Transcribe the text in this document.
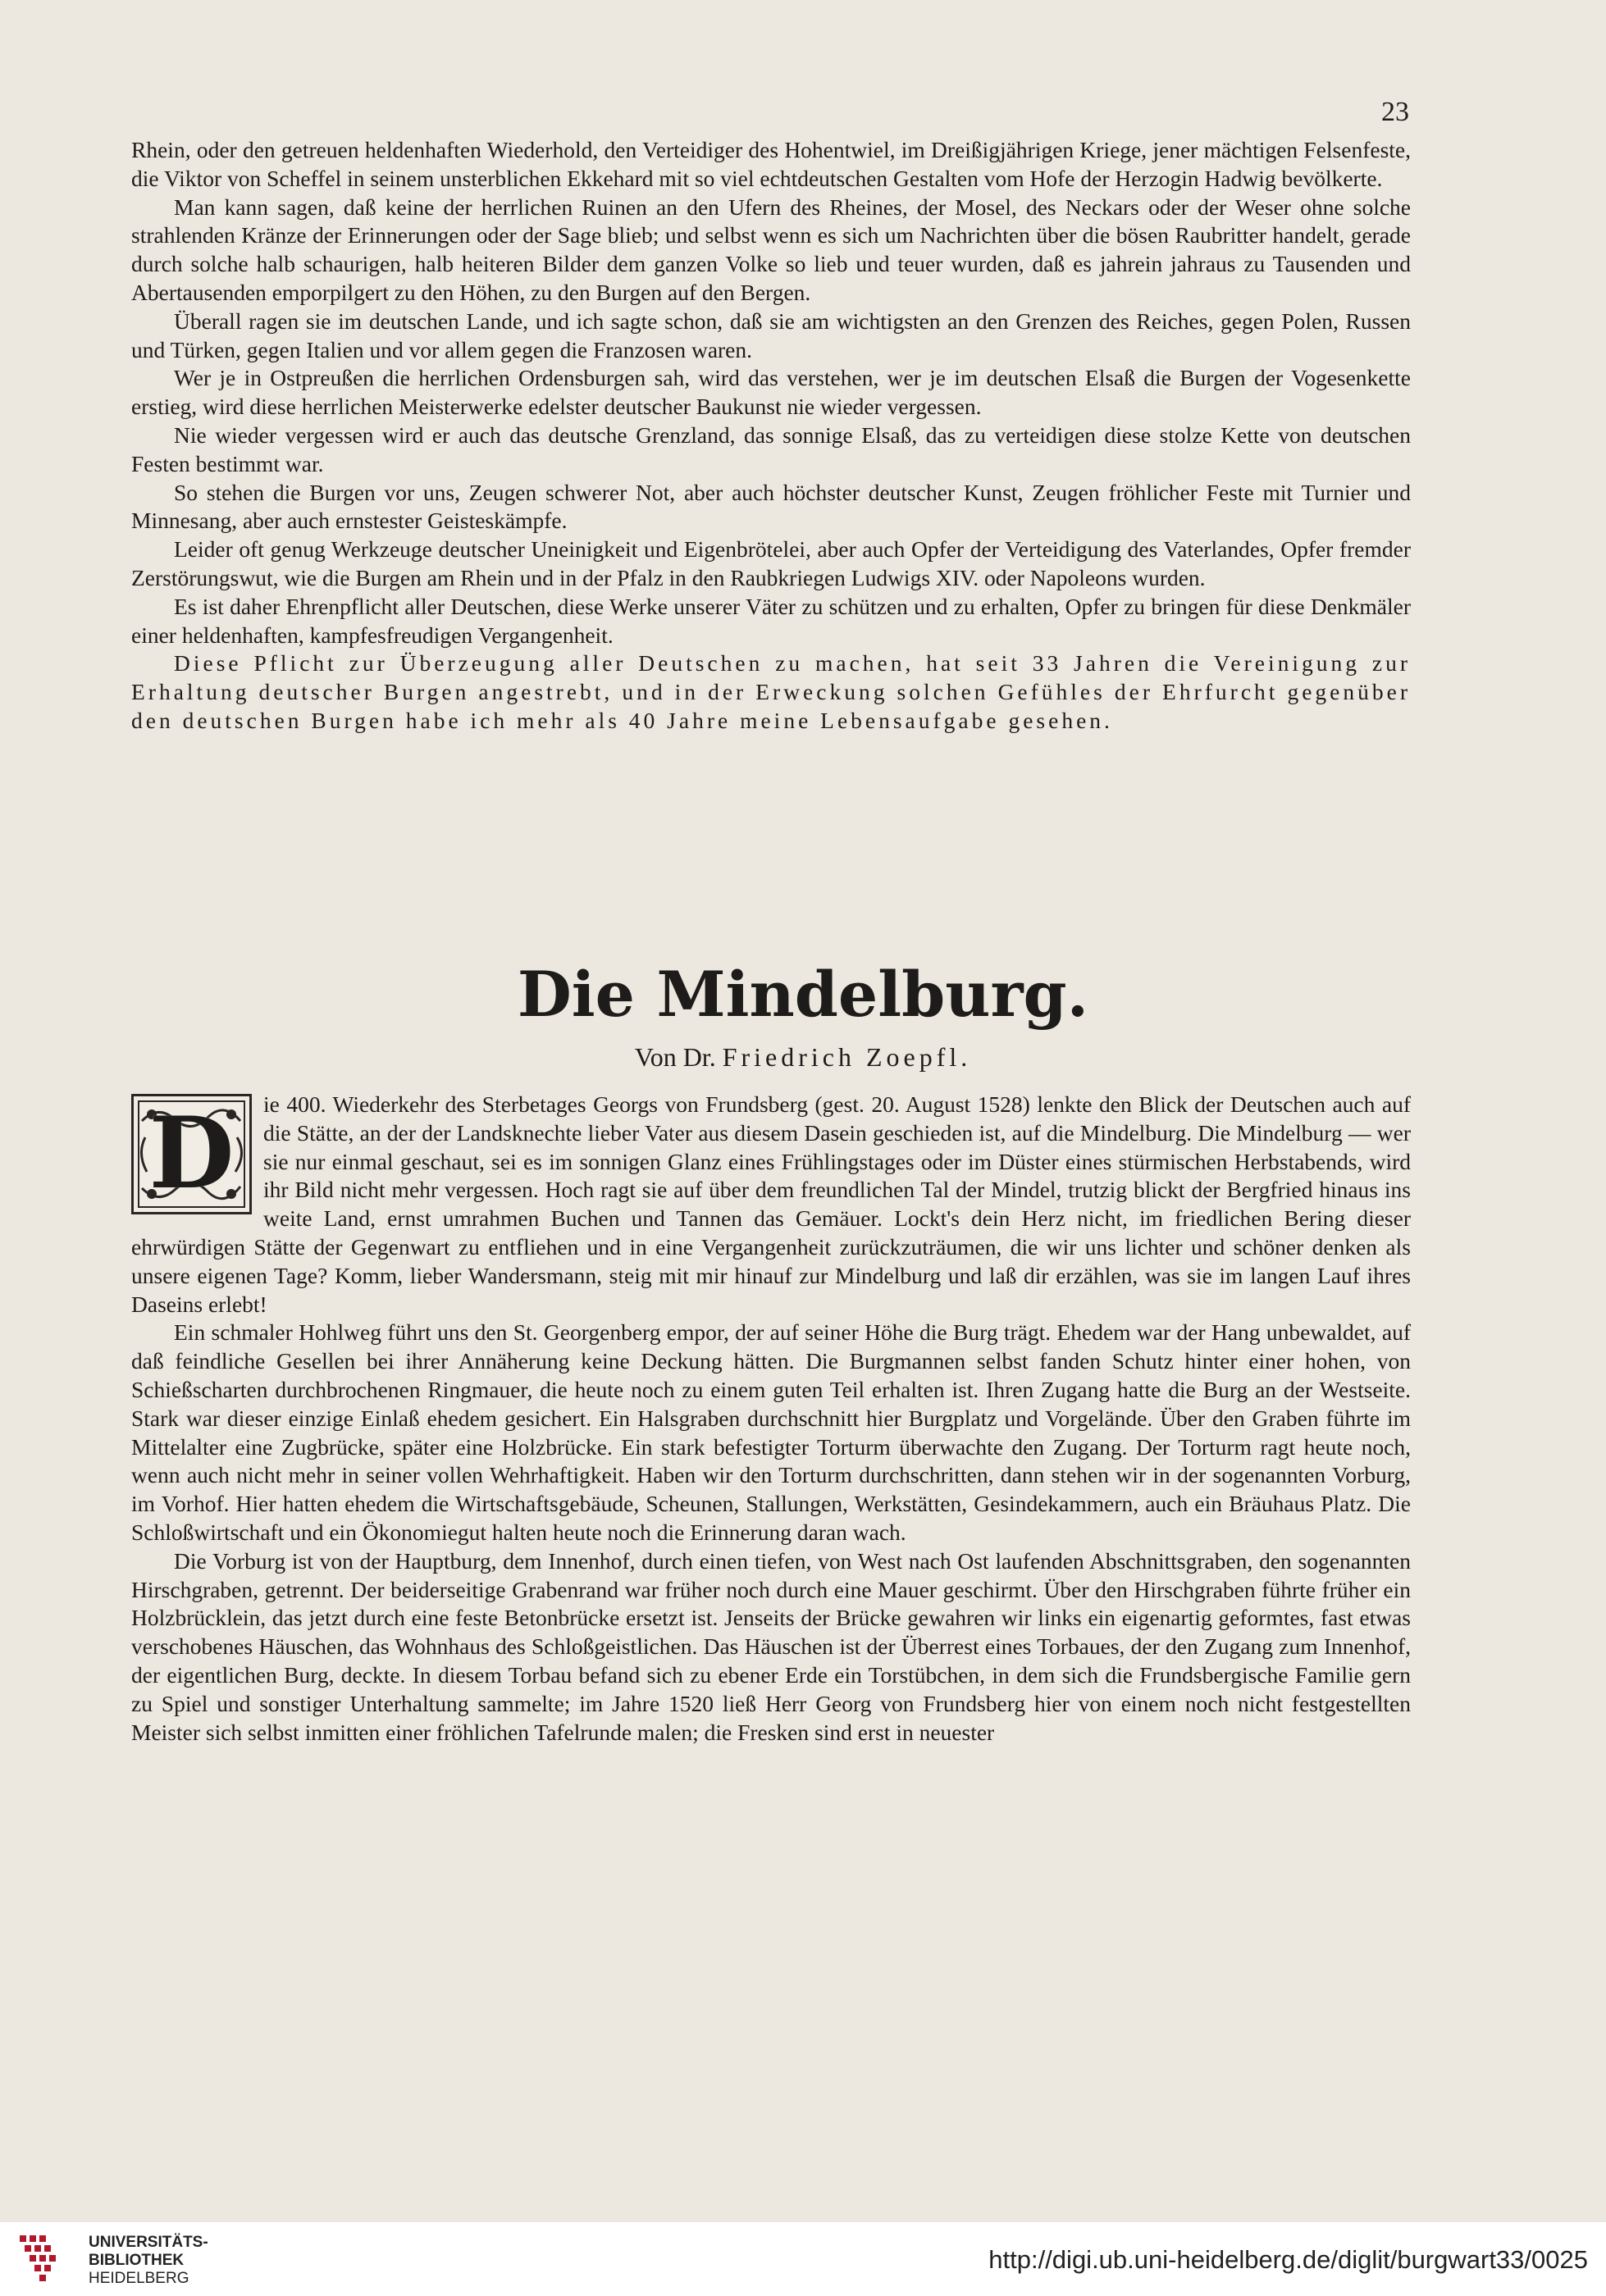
23

Rhein, oder den getreuen heldenhaften Wiederhold, den Verteidiger des Hohentwiel, im Dreißigjährigen Kriege, jener mächtigen Felsenfeste, die Viktor von Scheffel in seinem unsterblichen Ekkehard mit so viel echtdeutschen Gestalten vom Hofe der Herzogin Hadwig bevölkerte.

Man kann sagen, daß keine der herrlichen Ruinen an den Ufern des Rheines, der Mosel, des Neckars oder der Weser ohne solche strahlenden Kränze der Erinnerungen oder der Sage blieb; und selbst wenn es sich um Nachrichten über die bösen Raubritter handelt, gerade durch solche halb schaurigen, halb heiteren Bilder dem ganzen Volke so lieb und teuer wurden, daß es jahrein jahraus zu Tausenden und Abertausenden emporpilgert zu den Höhen, zu den Burgen auf den Bergen.

Überall ragen sie im deutschen Lande, und ich sagte schon, daß sie am wichtigsten an den Grenzen des Reiches, gegen Polen, Russen und Türken, gegen Italien und vor allem gegen die Franzosen waren.

Wer je in Ostpreußen die herrlichen Ordensburgen sah, wird das verstehen, wer je im deutschen Elsaß die Burgen der Vogesenkette erstieg, wird diese herrlichen Meisterwerke edelster deutscher Baukunst nie wieder vergessen.

Nie wieder vergessen wird er auch das deutsche Grenzland, das sonnige Elsaß, das zu verteidigen diese stolze Kette von deutschen Festen bestimmt war.

So stehen die Burgen vor uns, Zeugen schwerer Not, aber auch höchster deutscher Kunst, Zeugen fröhlicher Feste mit Turnier und Minnesang, aber auch ernstester Geisteskämpfe.

Leider oft genug Werkzeuge deutscher Uneinigkeit und Eigenbrötelei, aber auch Opfer der Verteidigung des Vaterlandes, Opfer fremder Zerstörungswut, wie die Burgen am Rhein und in der Pfalz in den Raubkriegen Ludwigs XIV. oder Napoleons wurden.

Es ist daher Ehrenpflicht aller Deutschen, diese Werke unserer Väter zu schützen und zu erhalten, Opfer zu bringen für diese Denkmäler einer heldenhaften, kampfesfreudigen Vergangenheit.

Diese Pflicht zur Überzeugung aller Deutschen zu machen, hat seit 33 Jahren die Vereinigung zur Erhaltung deutscher Burgen angestrebt, und in der Erweckung solchen Gefühles der Ehrfurcht gegenüber den deutschen Burgen habe ich mehr als 40 Jahre meine Lebensaufgabe gesehen.

Die Mindelburg.
Von Dr. Friedrich Zoepfl.

D	ie 400. Wiederkehr des Sterbetages Georgs von Frundsberg (gest. 20. August 1528) lenkte den Blick der Deutschen auch auf die Stätte, an der der Landsknechte lieber Vater aus diesem Dasein geschieden ist, auf die Mindelburg. Die Mindelburg — wer sie nur einmal geschaut, sei es im sonnigen Glanz eines Frühlingstages oder im Düster eines stürmischen Herbstabends, wird ihr Bild nicht mehr vergessen. Hoch ragt sie auf über dem freundlichen Tal der Mindel, trutzig blickt der Bergfried hinaus ins weite Land, ernst umrahmen Buchen und Tannen das Gemäuer. Lockt's dein Herz nicht, im friedlichen Bering dieser ehrwürdigen Stätte der Gegenwart zu entfliehen und in eine Vergangenheit zurückzuträumen, die wir uns lichter und schöner denken als unsere eigenen Tage? Komm, lieber Wandersmann, steig mit mir hinauf zur Mindelburg und laß dir erzählen, was sie im langen Lauf ihres Daseins erlebt!

Ein schmaler Hohlweg führt uns den St. Georgenberg empor, der auf seiner Höhe die Burg trägt. Ehedem war der Hang unbewaldet, auf daß feindliche Gesellen bei ihrer Annäherung keine Deckung hätten. Die Burgmannen selbst fanden Schutz hinter einer hohen, von Schießscharten durchbrochenen Ringmauer, die heute noch zu einem guten Teil erhalten ist. Ihren Zugang hatte die Burg an der Westseite. Stark war dieser einzige Einlaß ehedem gesichert. Ein Halsgraben durchschnitt hier Burgplatz und Vorgelände. Über den Graben führte im Mittelalter eine Zugbrücke, später eine Holzbrücke. Ein stark befestigter Torturm überwachte den Zugang. Der Torturm ragt heute noch, wenn auch nicht mehr in seiner vollen Wehrhaftigkeit. Haben wir den Torturm durchschritten, dann stehen wir in der sogenannten Vorburg, im Vorhof. Hier hatten ehedem die Wirtschaftsgebäude, Scheunen, Stallungen, Werkstätten, Gesindekammern, auch ein Bräuhaus Platz. Die Schloßwirtschaft und ein Ökonomiegut halten heute noch die Erinnerung daran wach.

Die Vorburg ist von der Hauptburg, dem Innenhof, durch einen tiefen, von West nach Ost laufenden Abschnittsgraben, den sogenannten Hirschgraben, getrennt. Der beiderseitige Grabenrand war früher noch durch eine Mauer geschirmt. Über den Hirschgraben führte früher ein Holzbrücklein, das jetzt durch eine feste Betonbrücke ersetzt ist. Jenseits der Brücke gewahren wir links ein eigenartig geformtes, fast etwas verschobenes Häuschen, das Wohnhaus des Schloßgeistlichen. Das Häuschen ist der Überrest eines Torbaues, der den Zugang zum Innenhof, der eigentlichen Burg, deckte. In diesem Torbau befand sich zu ebener Erde ein Torstübchen, in dem sich die Frundsbergische Familie gern zu Spiel und sonstiger Unterhaltung sammelte; im Jahre 1520 ließ Herr Georg von Frundsberg hier von einem noch nicht festgestellten Meister sich selbst inmitten einer fröhlichen Tafelrunde malen; die Fresken sind erst in neuester

UNIVERSITÄTS-
BIBLIOTHEK
HEIDELBERG
http://digi.ub.uni-heidelberg.de/diglit/burgwart33/0025
